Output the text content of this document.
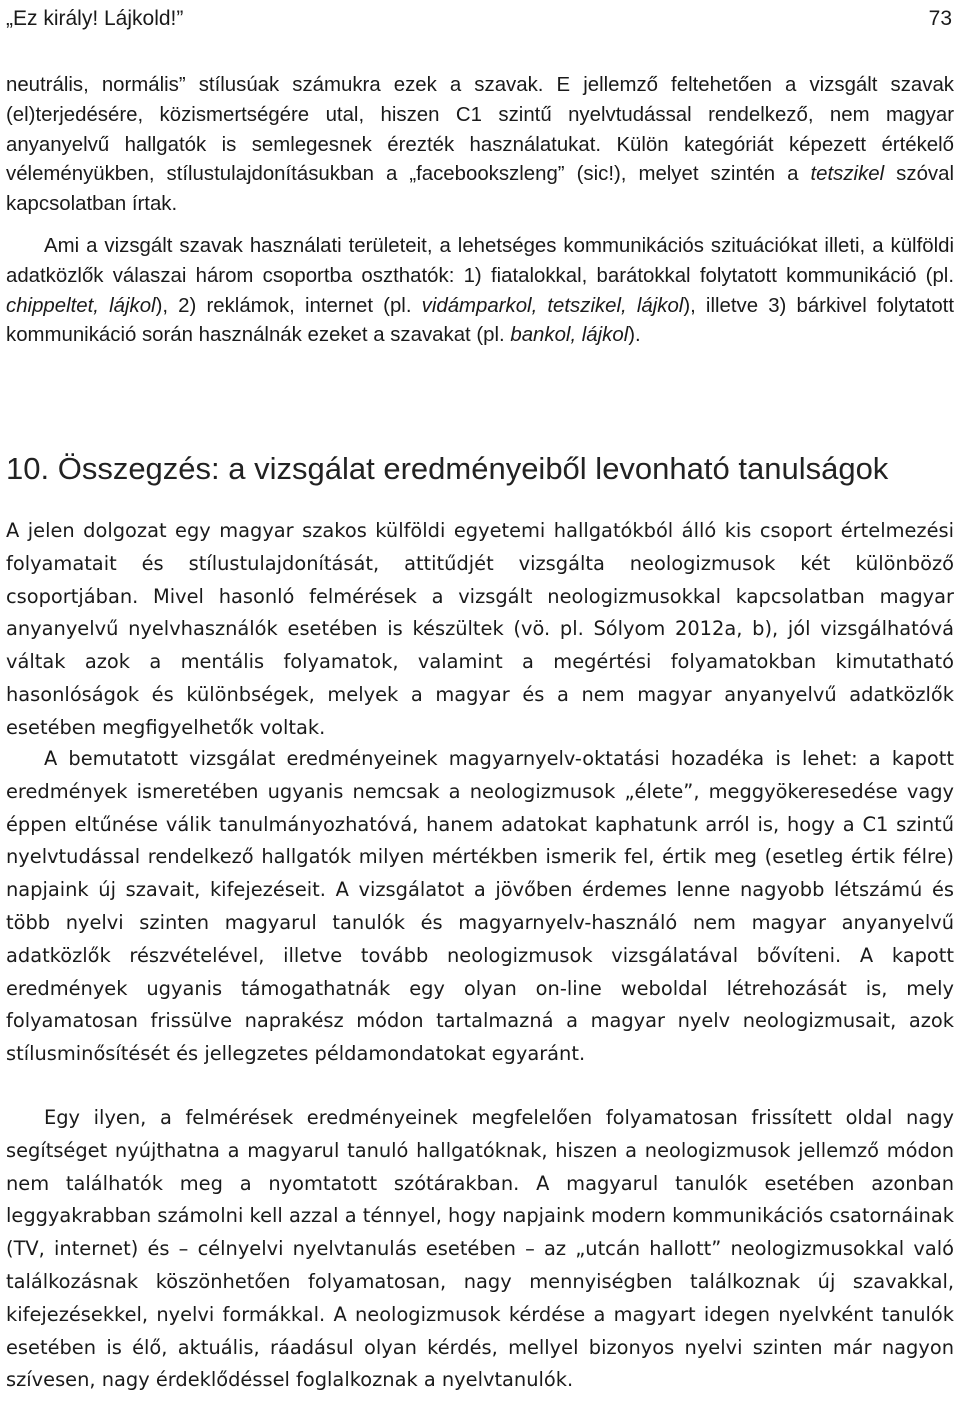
„Ez király! Lájkold!”	73

neutrális, normális” stílusúak számukra ezek a szavak. E jellemző feltehetően a vizsgált szavak (el)terjedésére, közismertségére utal, hiszen C1 szintű nyelvtudással rendelkező, nem magyar anyanyelvű hallgatók is semlegesnek érezték használatukat. Külön kategóriát képezett értékelő véleményükben, stílustulajdonításukban a „facebookszleng” (sic!), melyet szintén a tetszikel szóval kapcsolatban írtak.

Ami a vizsgált szavak használati területeit, a lehetséges kommunikációs szituációkat illeti, a külföldi adatközlők válaszai három csoportba oszthatók: 1) fiatalokkal, barátokkal folytatott kommunikáció (pl. chippeltet, lájkol), 2) reklámok, internet (pl. vidámparkol, tetszikel, lájkol), illetve 3) bárkivel folytatott kommunikáció során használnák ezeket a szavakat (pl. bankol, lájkol).

10. Összegzés: a vizsgálat eredményeiből levonható tanulságok

A jelen dolgozat egy magyar szakos külföldi egyetemi hallgatókból álló kis csoport értelmezési folyamatait és stílustulajdonítását, attitűdjét vizsgálta neologizmusok két különböző csoportjában. Mivel hasonló felmérések a vizsgált neologizmusokkal kapcsolatban magyar anyanyelvű nyelvhasználók esetében is készültek (vö. pl. Sólyom 2012a, b), jól vizsgálhatóvá váltak azok a mentális folyamatok, valamint a megértési folyamatokban kimutatható hasonlóságok és különbségek, melyek a magyar és a nem magyar anyanyelvű adatközlők esetében megfigyelhetők voltak.

A bemutatott vizsgálat eredményeinek magyarnyelv-oktatási hozadéka is lehet: a kapott eredmények ismeretében ugyanis nemcsak a neologizmusok „élete”, meggyökeresedése vagy éppen eltűnése válik tanulmányozhatóvá, hanem adatokat kaphatunk arról is, hogy a C1 szintű nyelvtudással rendelkező hallgatók milyen mértékben ismerik fel, értik meg (esetleg értik félre) napjaink új szavait, kifejezéseit. A vizsgálatot a jövőben érdemes lenne nagyobb létszámú és több nyelvi szinten magyarul tanulók és magyarnyelv-használó nem magyar anyanyelvű adatközlők részvételével, illetve tovább neologizmusok vizsgálatával bővíteni. A kapott eredmények ugyanis támogathatnák egy olyan on-line weboldal létrehozását is, mely folyamatosan frissülve naprakész módon tartalmazná a magyar nyelv neologizmusait, azok stílusminősítését és jellegzetes példamondatokat egyaránt.

Egy ilyen, a felmérések eredményeinek megfelelően folyamatosan frissített oldal nagy segítséget nyújthatna a magyarul tanuló hallgatóknak, hiszen a neologizmusok jellemző módon nem találhatók meg a nyomtatott szótárakban. A magyarul tanulók esetében azonban leggyakrabban számolni kell azzal a ténnyel, hogy napjaink modern kommunikációs csatornáinak (TV, internet) és – célnyelvi nyelvtanulás esetében – az „utcán hallott” neologizmusokkal való találkozásnak köszönhetően folyamatosan, nagy mennyiségben találkoznak új szavakkal, kifejezésekkel, nyelvi formákkal. A neologizmusok kérdése a magyart idegen nyelvként tanulók esetében is élő, aktuális, ráadásul olyan kérdés, mellyel bizonyos nyelvi szinten már nagyon szívesen, nagy érdeklődéssel foglalkoznak a nyelvtanulók.
